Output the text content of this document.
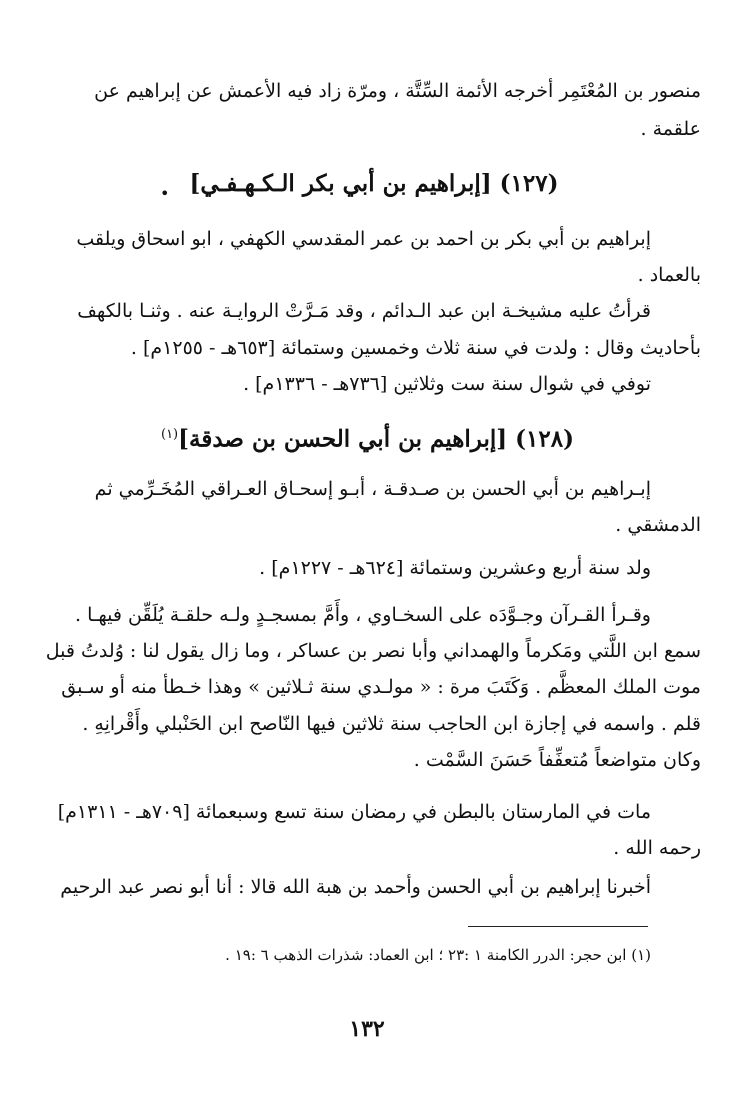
منصور بن المُعْتَمِر أخرجه الأئمة السِّتَّة ، ومرّة زاد فيه الأعمش عن إبراهيم عن
علقمة .
• (١٢٧) [إبراهيم بن أبي بكر الـكـهـفـي]
إبراهيم بن أبي بكر بن احمد بن عمر المقدسي الكهفي ، ابو اسحاق ويلقب
بالعماد .
قرأتُ عليه مشيخـة ابن عبد الـدائم ، وقد مَـرَّتْ الروايـة عنه . وثنـا بالكهف
بأحاديث وقال : ولدت في سنة ثلاث وخمسين وستمائة [٦٥٣هـ - ١٢٥٥م] .
توفي في شوال سنة ست وثلاثين [٧٣٦هـ - ١٣٣٦م] .
(١٢٨) [إبراهيم بن أبي الحسن بن صدقة]$^{(١)}$
إبـراهيم بن أبي الحسن بن صـدقـة ، أبـو إسحـاق العـراقي المُخَـرِّمي ثم
الدمشقي .
ولد سنة أربع وعشرين وستمائة [٦٢٤هـ - ١٢٢٧م] .
وقـرأ القـرآن وجـوَّدَه على السخـاوي ، وأَمَّ بمسجـدٍ ولـه حلقـة يُلَقِّن فيهـا .
سمع ابن اللَّتي ومَكرماً والهمداني وأبا نصر بن عساكر ، وما زال يقول لنا : وُلدتُ قبل
موت الملك المعظَّم . وَكَتَبَ مرة : « مولـدي سنة ثـلاثين » وهذا خـطأ منه أو سـبق
قلم . واسمه في إجازة ابن الحاجب سنة ثلاثين فيها النّاصح ابن الحَنْبلي وأَقْرانِهِ .
وكان متواضعاً مُتعفِّفاً حَسَنَ السَّمْت .
مات في المارستان بالبطن في رمضان سنة تسع وسبعمائة [٧٠٩هـ - ١٣١١م]
رحمه الله .
أخبرنا إبراهيم بن أبي الحسن وأحمد بن هبة الله قالا : أنا أبو نصر عبد الرحيم
(١) ابن حجر: الدرر الكامنة ١ :٢٣ ؛ ابن العماد: شذرات الذهب ٦ :١٩ .
١٣٢
